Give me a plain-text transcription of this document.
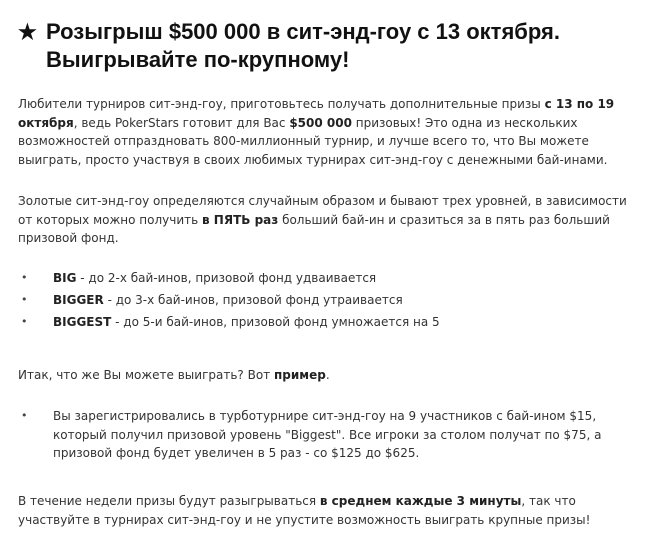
★ Розыгрыш $500 000 в сит-энд-гоу с 13 октября.
Выигрывайте по-крупному!
Любители турниров сит-энд-гоу, приготовьтесь получать дополнительные призы с 13 по 19 октября, ведь PokerStars готовит для Вас $500 000 призовых! Это одна из нескольких возможностей отпраздновать 800-миллионный турнир, и лучше всего то, что Вы можете выиграть, просто участвуя в своих любимых турнирах сит-энд-гоу с денежными бай-инами.
Золотые сит-энд-гоу определяются случайным образом и бывают трех уровней, в зависимости от которых можно получить в ПЯТЬ раз больший бай-ин и сразиться за в пять раз больший призовой фонд.
• BIG - до 2-х бай-инов, призовой фонд удваивается
• BIGGER - до 3-х бай-инов, призовой фонд утраивается
• BIGGEST - до 5-и бай-инов, призовой фонд умножается на 5
Итак, что же Вы можете выиграть? Вот пример.
• Вы зарегистрировались в турботурнире сит-энд-гоу на 9 участников с бай-ином $15, который получил призовой уровень "Biggest". Все игроки за столом получат по $75, а призовой фонд будет увеличен в 5 раз - со $125 до $625.
В течение недели призы будут разыгрываться в среднем каждые 3 минуты, так что участвуйте в турнирах сит-энд-гоу и не упустите возможность выиграть крупные призы!
